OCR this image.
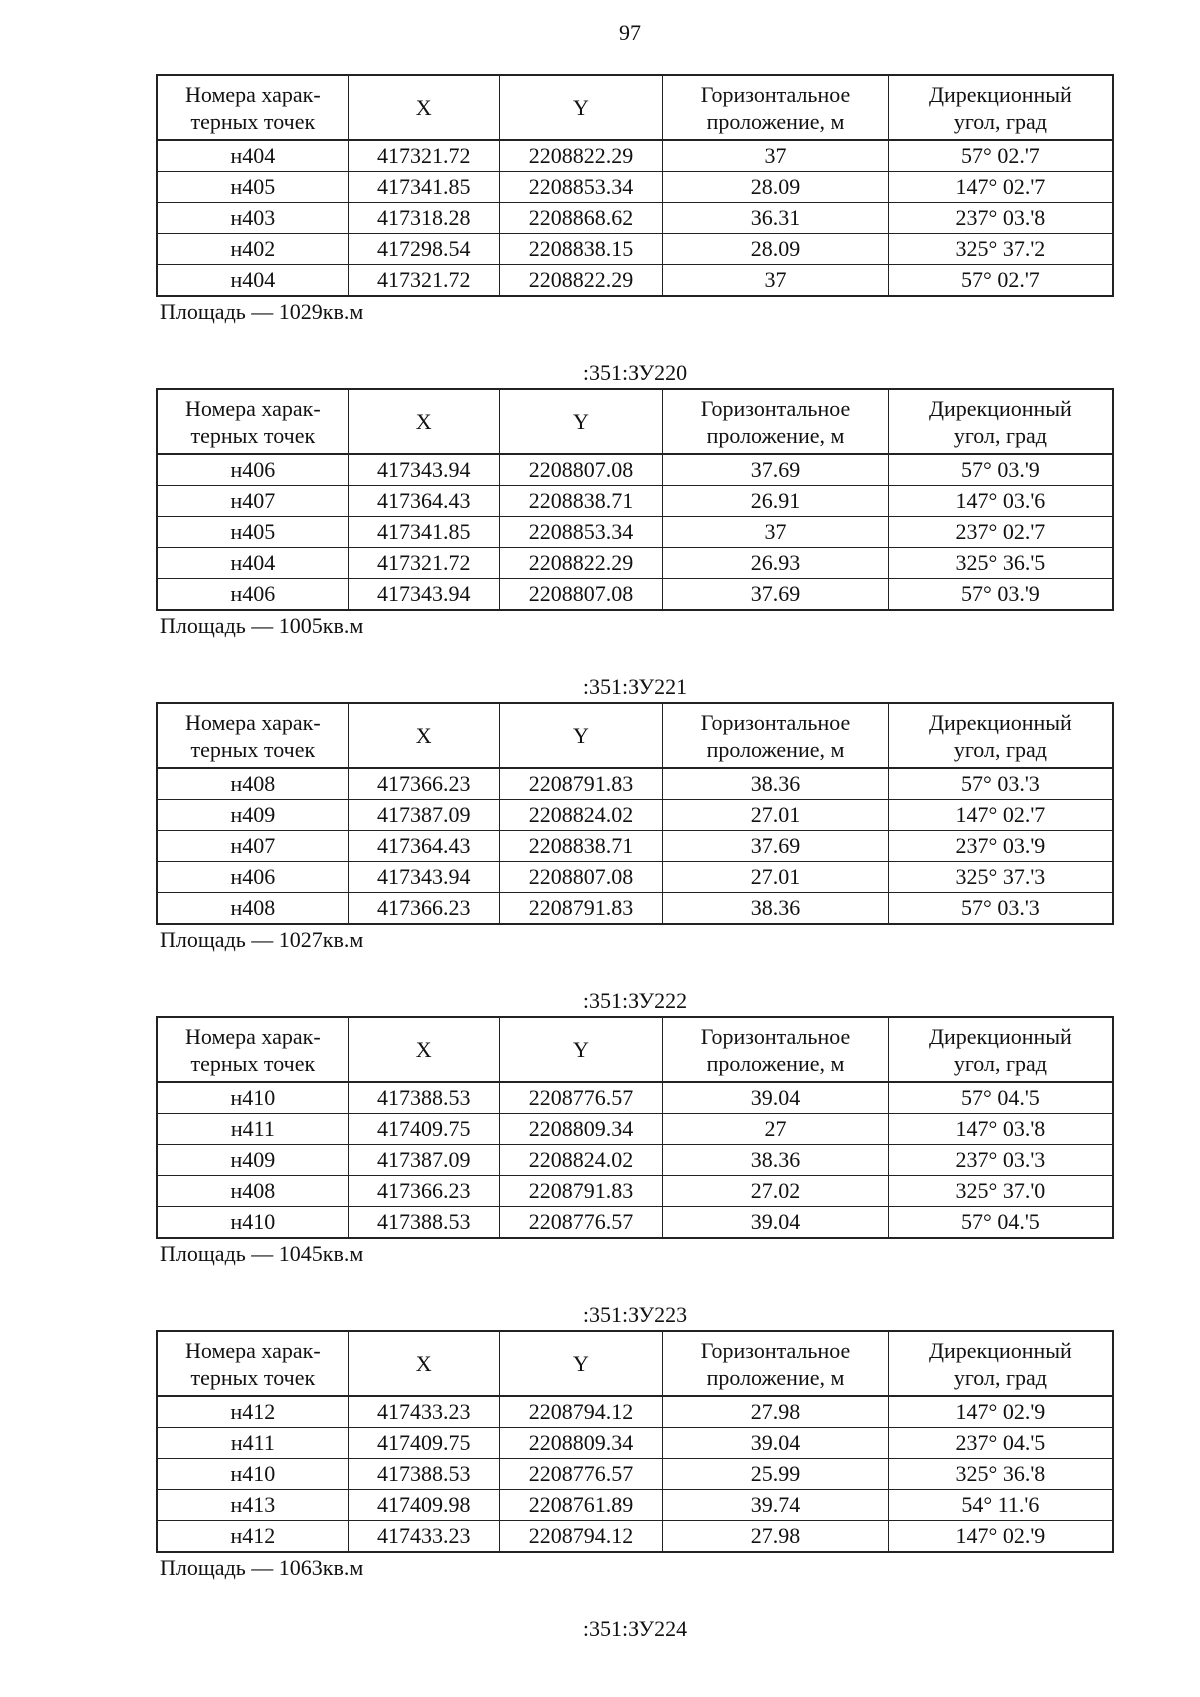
97
Номера харак-терных точек	X	Y	Горизонтальное проложение, м	Дирекционный угол, град
н404	417321.72	2208822.29	37	57° 02.'7
н405	417341.85	2208853.34	28.09	147° 02.'7
н403	417318.28	2208868.62	36.31	237° 03.'8
н402	417298.54	2208838.15	28.09	325° 37.'2
н404	417321.72	2208822.29	37	57° 02.'7
Площадь — 1029кв.м
:351:ЗУ220
Номера харак-терных точек	X	Y	Горизонтальное проложение, м	Дирекционный угол, град
н406	417343.94	2208807.08	37.69	57° 03.'9
н407	417364.43	2208838.71	26.91	147° 03.'6
н405	417341.85	2208853.34	37	237° 02.'7
н404	417321.72	2208822.29	26.93	325° 36.'5
н406	417343.94	2208807.08	37.69	57° 03.'9
Площадь — 1005кв.м
:351:ЗУ221
Номера харак-терных точек	X	Y	Горизонтальное проложение, м	Дирекционный угол, град
н408	417366.23	2208791.83	38.36	57° 03.'3
н409	417387.09	2208824.02	27.01	147° 02.'7
н407	417364.43	2208838.71	37.69	237° 03.'9
н406	417343.94	2208807.08	27.01	325° 37.'3
н408	417366.23	2208791.83	38.36	57° 03.'3
Площадь — 1027кв.м
:351:ЗУ222
Номера харак-терных точек	X	Y	Горизонтальное проложение, м	Дирекционный угол, град
н410	417388.53	2208776.57	39.04	57° 04.'5
н411	417409.75	2208809.34	27	147° 03.'8
н409	417387.09	2208824.02	38.36	237° 03.'3
н408	417366.23	2208791.83	27.02	325° 37.'0
н410	417388.53	2208776.57	39.04	57° 04.'5
Площадь — 1045кв.м
:351:ЗУ223
Номера харак-терных точек	X	Y	Горизонтальное проложение, м	Дирекционный угол, град
н412	417433.23	2208794.12	27.98	147° 02.'9
н411	417409.75	2208809.34	39.04	237° 04.'5
н410	417388.53	2208776.57	25.99	325° 36.'8
н413	417409.98	2208761.89	39.74	54° 11.'6
н412	417433.23	2208794.12	27.98	147° 02.'9
Площадь — 1063кв.м
:351:ЗУ224
